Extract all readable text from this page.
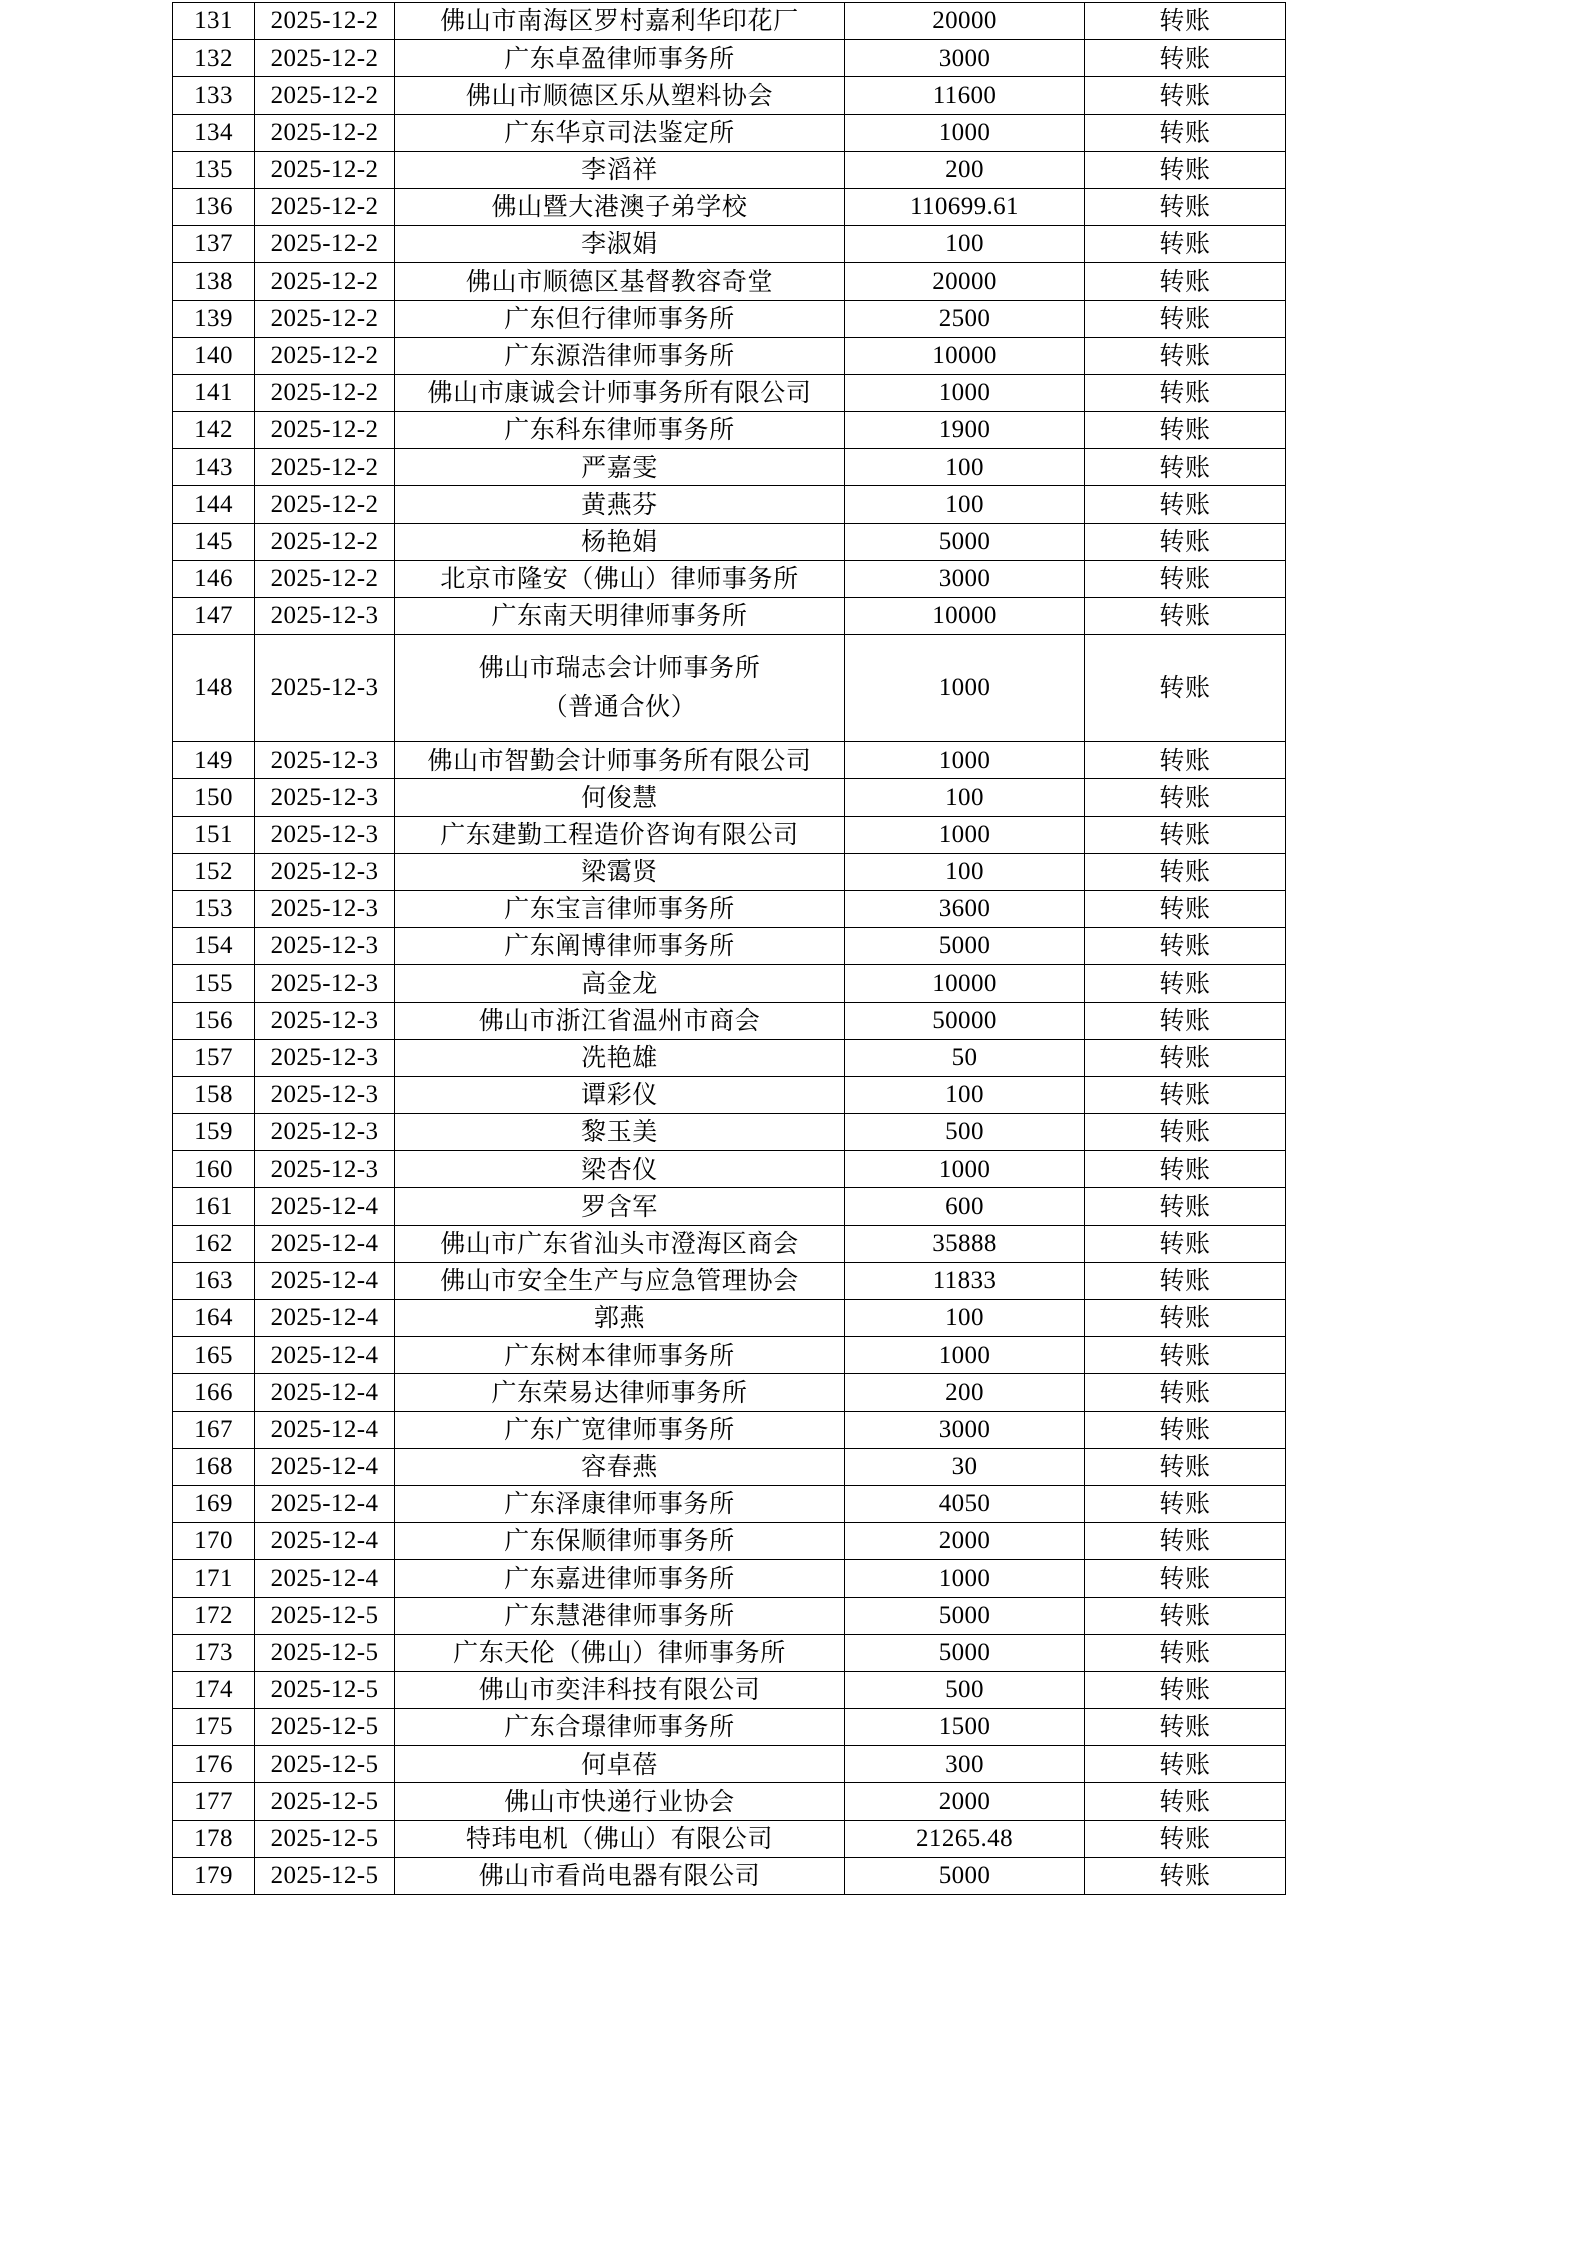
131	2025-12-2	佛山市南海区罗村嘉利华印花厂	20000	转账
132	2025-12-2	广东卓盈律师事务所	3000	转账
133	2025-12-2	佛山市顺德区乐从塑料协会	11600	转账
134	2025-12-2	广东华京司法鉴定所	1000	转账
135	2025-12-2	李滔祥	200	转账
136	2025-12-2	佛山暨大港澳子弟学校	110699.61	转账
137	2025-12-2	李淑娟	100	转账
138	2025-12-2	佛山市顺德区基督教容奇堂	20000	转账
139	2025-12-2	广东但行律师事务所	2500	转账
140	2025-12-2	广东源浩律师事务所	10000	转账
141	2025-12-2	佛山市康诚会计师事务所有限公司	1000	转账
142	2025-12-2	广东科东律师事务所	1900	转账
143	2025-12-2	严嘉雯	100	转账
144	2025-12-2	黄燕芬	100	转账
145	2025-12-2	杨艳娟	5000	转账
146	2025-12-2	北京市隆安（佛山）律师事务所	3000	转账
147	2025-12-3	广东南天明律师事务所	10000	转账
148	2025-12-3	佛山市瑞志会计师事务所
（普通合伙）	1000	转账
149	2025-12-3	佛山市智勤会计师事务所有限公司	1000	转账
150	2025-12-3	何俊慧	100	转账
151	2025-12-3	广东建勤工程造价咨询有限公司	1000	转账
152	2025-12-3	梁霭贤	100	转账
153	2025-12-3	广东宝言律师事务所	3600	转账
154	2025-12-3	广东阐博律师事务所	5000	转账
155	2025-12-3	高金龙	10000	转账
156	2025-12-3	佛山市浙江省温州市商会	50000	转账
157	2025-12-3	冼艳雄	50	转账
158	2025-12-3	谭彩仪	100	转账
159	2025-12-3	黎玉美	500	转账
160	2025-12-3	梁杏仪	1000	转账
161	2025-12-4	罗含军	600	转账
162	2025-12-4	佛山市广东省汕头市澄海区商会	35888	转账
163	2025-12-4	佛山市安全生产与应急管理协会	11833	转账
164	2025-12-4	郭燕	100	转账
165	2025-12-4	广东树本律师事务所	1000	转账
166	2025-12-4	广东荣易达律师事务所	200	转账
167	2025-12-4	广东广宽律师事务所	3000	转账
168	2025-12-4	容春燕	30	转账
169	2025-12-4	广东泽康律师事务所	4050	转账
170	2025-12-4	广东保顺律师事务所	2000	转账
171	2025-12-4	广东嘉进律师事务所	1000	转账
172	2025-12-5	广东慧港律师事务所	5000	转账
173	2025-12-5	广东天伦（佛山）律师事务所	5000	转账
174	2025-12-5	佛山市奕沣科技有限公司	500	转账
175	2025-12-5	广东合璟律师事务所	1500	转账
176	2025-12-5	何卓蓓	300	转账
177	2025-12-5	佛山市快递行业协会	2000	转账
178	2025-12-5	特玮电机（佛山）有限公司	21265.48	转账
179	2025-12-5	佛山市看尚电器有限公司	5000	转账
